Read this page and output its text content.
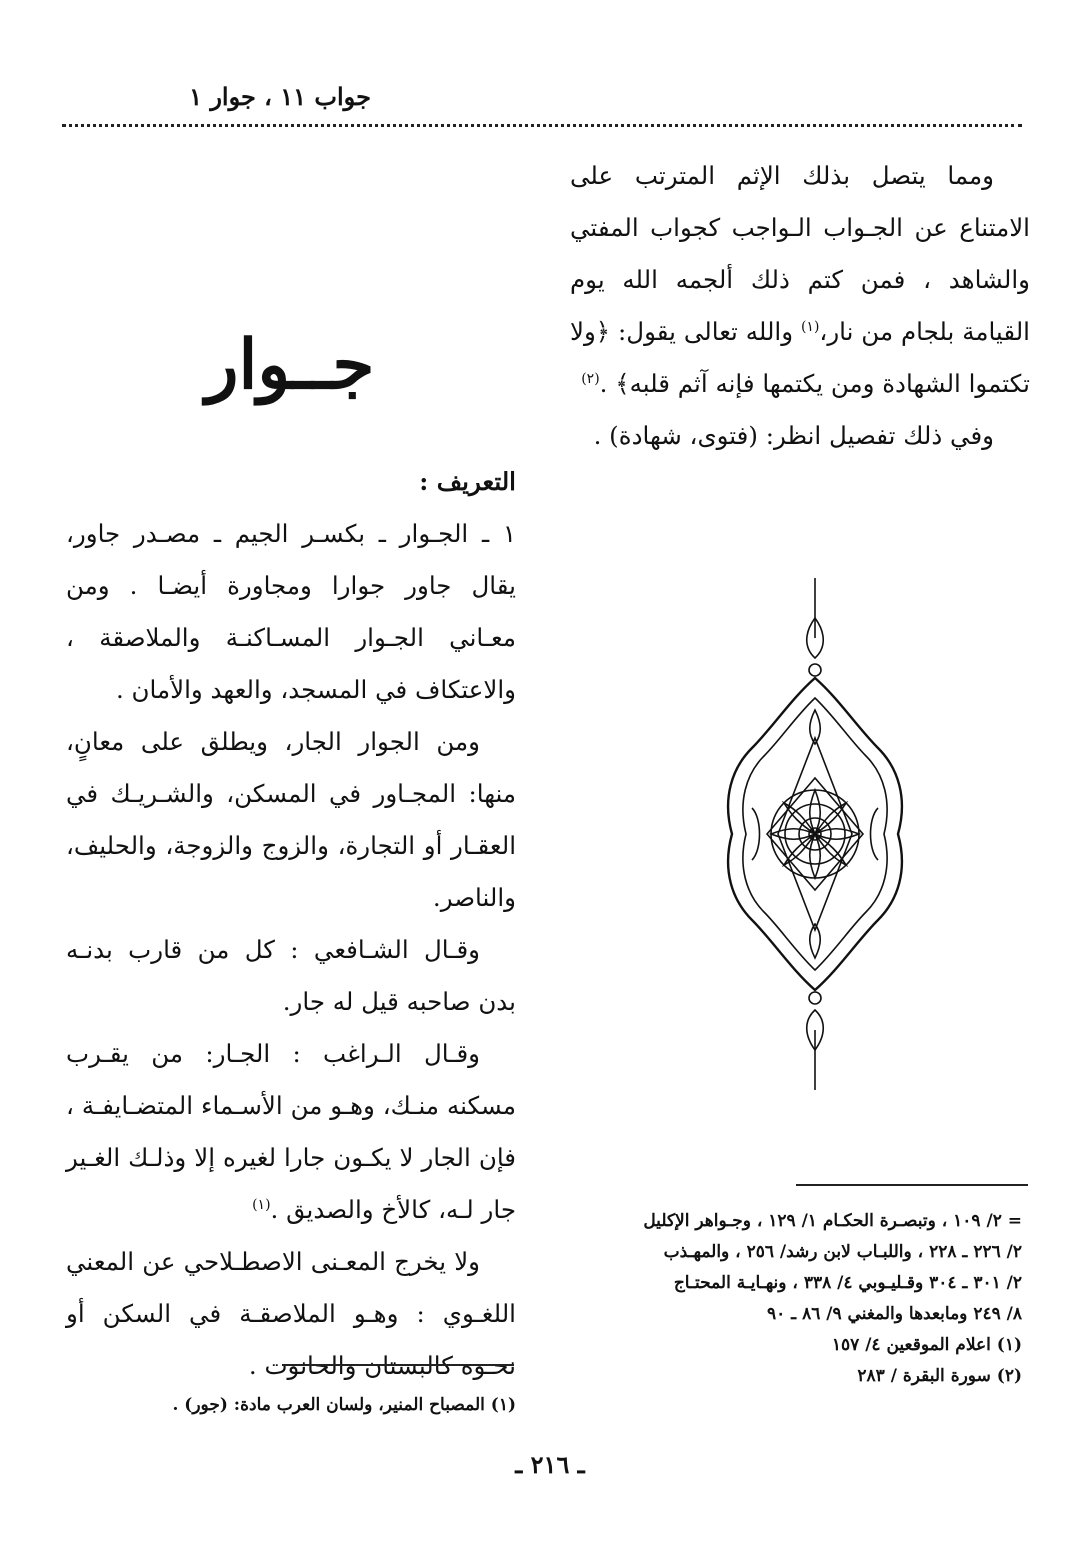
جواب ١١ ، جوار ١

ومما يتصل بذلك الإثم المترتب على الامتناع عن الجـواب الـواجب كجواب المفتي والشاهد ، فمن كتم ذلك ألجمه الله يوم القيامة بلجام من نار،$^{(١)}$ والله تعالى يقول: ﴿ولا تكتموا الشهادة ومن يكتمها فإنه آثم قلبه﴾ .$^{(٢)}$

وفي ذلك تفصيل انظر: (فتوى، شهادة) .

جــوار

التعريف :

١ ـ الجـوار ـ بكسـر الجيم ـ مصـدر جاور، يقال جاور جوارا ومجاورة أيضـا . ومن معـاني الجـوار المسـاكنـة والملاصقة ، والاعتكاف في المسجد، والعهد والأمان .

ومن الجوار الجار، ويطلق على معانٍ، منها: المجـاور في المسكن، والشـريـك في العقـار أو التجارة، والزوج والزوجة، والحليف، والناصر.

وقـال الشـافعي : كل من قارب بدنـه بدن صاحبه قيل له جار.

وقـال الـراغب : الجـار: من يقـرب مسكنه منـك، وهـو من الأسـماء المتضـايفـة ، فإن الجار لا يكـون جارا لغيره إلا وذلـك الغـير جار لـه، كالأخ والصديق .$^{(١)}$

ولا يخرج المعـنى الاصطـلاحي عن المعني اللغـوي : وهـو الملاصقـة في السكن أو نحـوه كالبستان والحانوت .

= ٢/ ١٠٩ ، وتبصـرة الحكـام ١/ ١٢٩ ، وجـواهر الإكليل

٢/ ٢٢٦ ـ ٢٢٨ ، واللبـاب لابن رشد/ ٢٥٦ ، والمهـذب

٢/ ٣٠١ ـ ٣٠٤ وقـليـوبي ٤/ ٣٣٨ ، ونهـايـة المحتـاج

٨/ ٢٤٩ ومابعدها والمغني ٩/ ٨٦ ـ ٩٠

(١) اعلام الموقعين ٤/ ١٥٧

(٢) سورة البقرة / ٢٨٣

(١) المصباح المنير، ولسان العرب مادة: (جور) .

ـ ٢١٦ ـ
